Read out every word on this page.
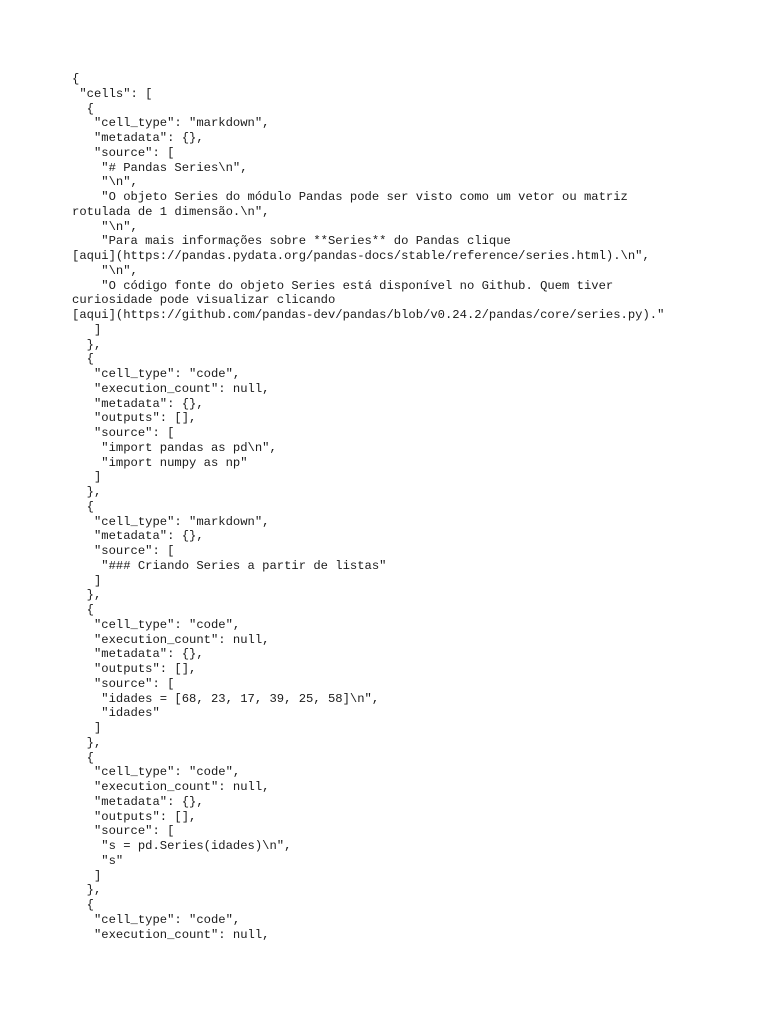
{
"cells": [
{
"cell_type": "markdown",
"metadata": {},
"source": [
"# Pandas Series\n",
"\n",
"O objeto Series do módulo Pandas pode ser visto como um vetor ou matriz
rotulada de 1 dimensão.\n",
"\n",
"Para mais informações sobre **Series** do Pandas clique
[aqui](https://pandas.pydata.org/pandas-docs/stable/reference/series.html).\n",
"\n",
"O código fonte do objeto Series está disponível no Github. Quem tiver
curiosidade pode visualizar clicando
[aqui](https://github.com/pandas-dev/pandas/blob/v0.24.2/pandas/core/series.py)."
]
},
{
"cell_type": "code",
"execution_count": null,
"metadata": {},
"outputs": [],
"source": [
"import pandas as pd\n",
"import numpy as np"
]
},
{
"cell_type": "markdown",
"metadata": {},
"source": [
"### Criando Series a partir de listas"
]
},
{
"cell_type": "code",
"execution_count": null,
"metadata": {},
"outputs": [],
"source": [
"idades = [68, 23, 17, 39, 25, 58]\n",
"idades"
]
},
{
"cell_type": "code",
"execution_count": null,
"metadata": {},
"outputs": [],
"source": [
"s = pd.Series(idades)\n",
"s"
]
},
{
"cell_type": "code",
"execution_count": null,
